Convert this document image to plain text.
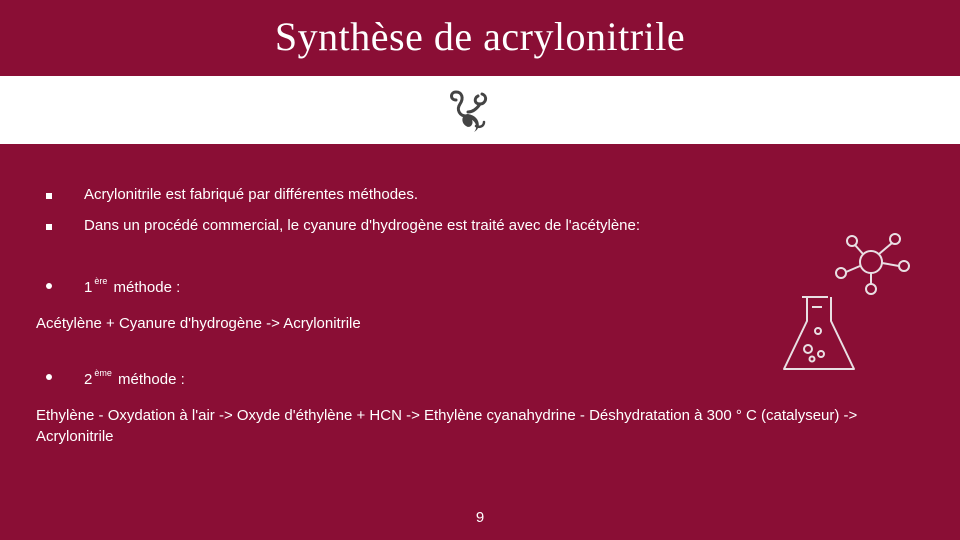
Synthèse de acrylonitrile
Acrylonitrile est fabriqué par différentes méthodes.
Dans un procédé commercial, le cyanure d'hydrogène est traité avec de l'acétylène:
1 $^{ère}$ méthode :
Acétylène + Cyanure d'hydrogène -> Acrylonitrile
2 $^{ème}$ méthode :
Ethylène - Oxydation à l'air -> Oxyde d'éthylène + HCN -> Ethylène cyanahydrine - Déshydratation à 300 ° C (catalyseur) -> Acrylonitrile
9
